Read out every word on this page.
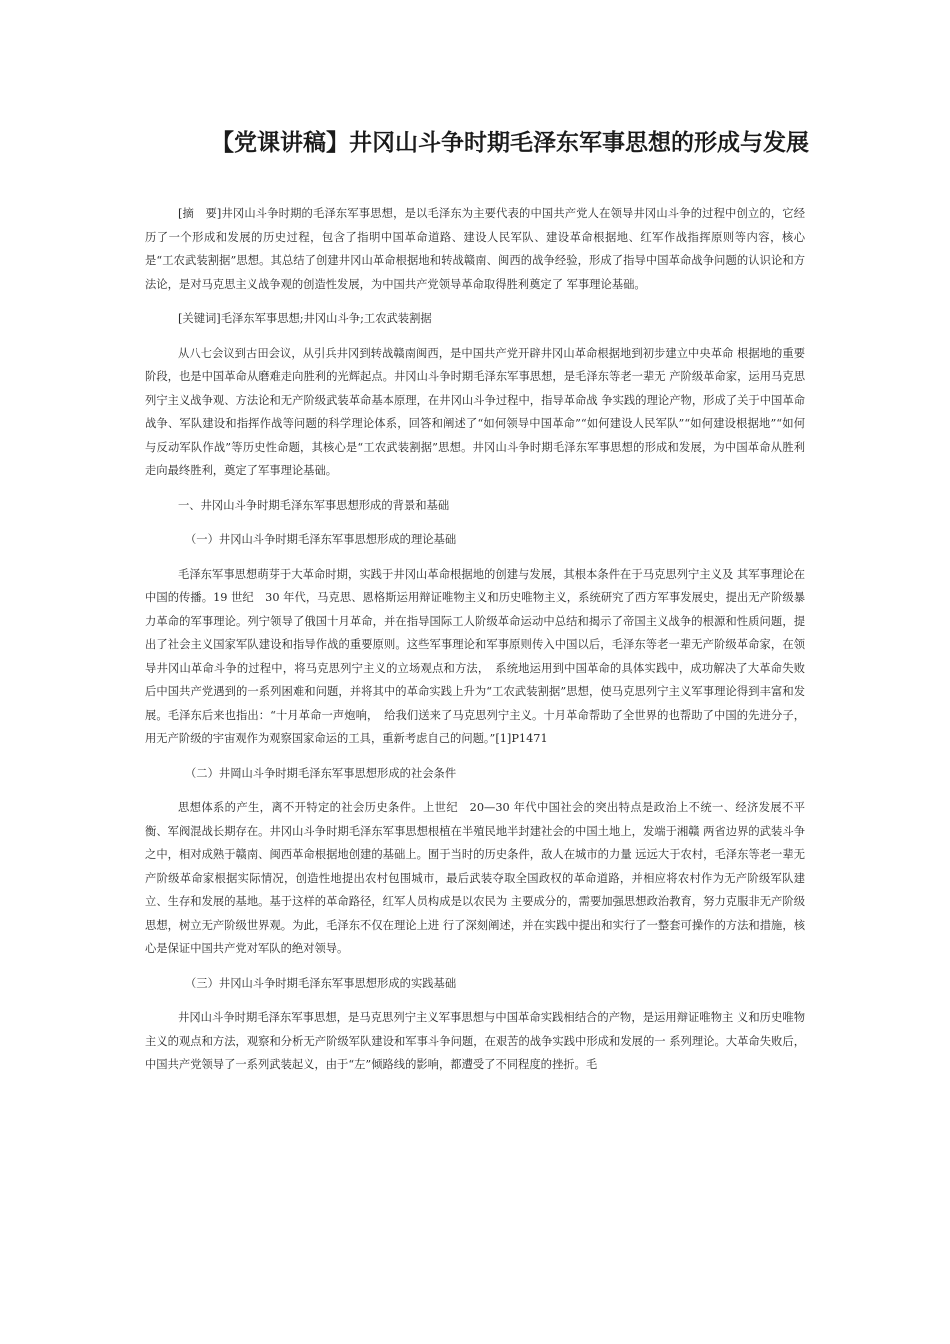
【党课讲稿】井冈山斗争时期毛泽东军事思想的形成与发展

[摘　要]井冈山斗争时期的毛泽东军事思想，是以毛泽东为主要代表的中国共产党人在领导井冈山斗争的过程中创立的，它经历了一个形成和发展的历史过程，包含了指明中国革命道路、建设人民军队、建设革命根据地、红军作战指挥原则等内容，核心是“工农武装割据”思想。其总结了创建井冈山革命根据地和转战赣南、闽西的战争经验，形成了指导中国革命战争问题的认识论和方法论，是对马克思主义战争观的创造性发展，为中国共产党领导革命取得胜利奠定了 军事理论基础。

[关键词]毛泽东军事思想;井冈山斗争;工农武装割据

从八七会议到古田会议，从引兵井冈到转战赣南闽西，是中国共产党开辟井冈山革命根据地到初步建立中央革命 根据地的重要阶段，也是中国革命从磨难走向胜利的光辉起点。井冈山斗争时期毛泽东军事思想，是毛泽东等老一辈无 产阶级革命家，运用马克思列宁主义战争观、方法论和无产阶级武装革命基本原理，在井冈山斗争过程中，指导革命战 争实践的理论产物，形成了关于中国革命战争、军队建设和指挥作战等问题的科学理论体系，回答和阐述了“如何领导中国革命”“如何建设人民军队”“如何建设根据地”“如何与反动军队作战”等历史性命题，其核心是“工农武装割据”思想。井冈山斗争时期毛泽东军事思想的形成和发展，为中国革命从胜利走向最终胜利，奠定了军事理论基础。

一、井冈山斗争时期毛泽东军事思想形成的背景和基础

（一）井冈山斗争时期毛泽东军事思想形成的理论基础

毛泽东军事思想萌芽于大革命时期，实践于井冈山革命根据地的创建与发展，其根本条件在于马克思列宁主义及 其军事理论在中国的传播。19 世纪　30 年代，马克思、恩格斯运用辩证唯物主义和历史唯物主义，系统研究了西方军事发展史，提出无产阶级暴力革命的军事理论。列宁领导了俄国十月革命，并在指导国际工人阶级革命运动中总结和揭示了帝国主义战争的根源和性质问题，提出了社会主义国家军队建设和指导作战的重要原则。这些军事理论和军事原则传入中国以后，毛泽东等老一辈无产阶级革命家，在领导井冈山革命斗争的过程中，将马克思列宁主义的立场观点和方法，　系统地运用到中国革命的具体实践中，成功解决了大革命失败后中国共产党遇到的一系列困难和问题，并将其中的革命实践上升为“工农武装割据”思想，使马克思列宁主义军事理论得到丰富和发展。毛泽东后来也指出：“十月革命一声炮响，　给我们送来了马克思列宁主义。十月革命帮助了全世界的也帮助了中国的先进分子，用无产阶级的宇宙观作为观察国家命运的工具，重新考虑自己的问题。”[1]P1471

（二）井岡山斗争时期毛泽东军事思想形成的社会条件

思想体系的产生，离不开特定的社会历史条件。上世纪　20—30 年代中国社会的突出特点是政治上不统一、经济发展不平衡、军阀混战长期存在。井冈山斗争时期毛泽东军事思想根植在半殖民地半封建社会的中国土地上，发端于湘赣 两省边界的武装斗争之中，相对成熟于赣南、闽西革命根据地创建的基础上。囿于当时的历史条件，敌人在城市的力量 远远大于农村，毛泽东等老一辈无产阶级革命家根据实际情况，创造性地提出农村包围城市，最后武装夺取全国政权的革命道路，并相应将农村作为无产阶级军队建立、生存和发展的基地。基于这样的革命路径，红军人员构成是以农民为 主要成分的，需要加强思想政治教育，努力克服非无产阶级思想，树立无产阶级世界观。为此，毛泽东不仅在理论上进 行了深刻阐述，并在实践中提出和实行了一整套可操作的方法和措施，核心是保证中国共产党对军队的绝对领导。

（三）井冈山斗争时期毛泽东军事思想形成的实践基础

井冈山斗争时期毛泽东军事思想，是马克思列宁主义军事思想与中国革命实践相结合的产物，是运用辩证唯物主 义和历史唯物主义的观点和方法，观察和分析无产阶级军队建设和军事斗争问题，在艰苦的战争实践中形成和发展的一 系列理论。大革命失败后，中国共产党领导了一系列武装起义，由于“左”倾路线的影响，都遭受了不同程度的挫折。毛
